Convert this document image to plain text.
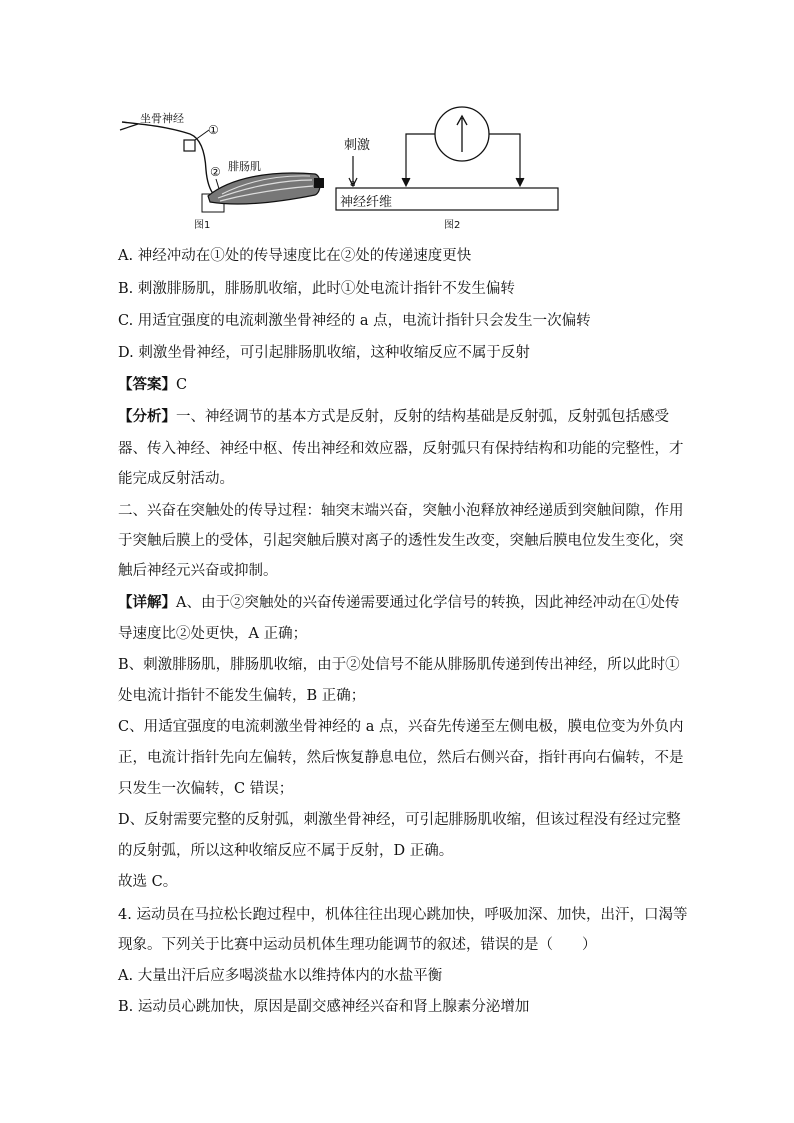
坐骨神经
①
② 腓肠肌
图1
神经纤维
刺激
a
图2
A. 神经冲动在①处的传导速度比在②处的传递速度更快
B. 刺激腓肠肌，腓肠肌收缩，此时①处电流计指针不发生偏转
C. 用适宜强度的电流刺激坐骨神经的 a 点，电流计指针只会发生一次偏转
D. 刺激坐骨神经，可引起腓肠肌收缩，这种收缩反应不属于反射
【答案】C
【分析】一、神经调节的基本方式是反射，反射的结构基础是反射弧，反射弧包括感受
器、传入神经、神经中枢、传出神经和效应器，反射弧只有保持结构和功能的完整性，才
能完成反射活动。
二、兴奋在突触处的传导过程：轴突末端兴奋，突触小泡释放神经递质到突触间隙，作用
于突触后膜上的受体，引起突触后膜对离子的透性发生改变，突触后膜电位发生变化，突
触后神经元兴奋或抑制。
【详解】A、由于②突触处的兴奋传递需要通过化学信号的转换，因此神经冲动在①处传
导速度比②处更快，A 正确；
B、刺激腓肠肌，腓肠肌收缩，由于②处信号不能从腓肠肌传递到传出神经，所以此时①
处电流计指针不能发生偏转，B 正确；
C、用适宜强度的电流刺激坐骨神经的 a 点，兴奋先传递至左侧电极，膜电位变为外负内
正，电流计指针先向左偏转，然后恢复静息电位，然后右侧兴奋，指针再向右偏转，不是
只发生一次偏转，C 错误；
D、反射需要完整的反射弧，刺激坐骨神经，可引起腓肠肌收缩，但该过程没有经过完整
的反射弧，所以这种收缩反应不属于反射，D 正确。
故选 C。
4. 运动员在马拉松长跑过程中，机体往往出现心跳加快，呼吸加深、加快，出汗，口渴等
现象。下列关于比赛中运动员机体生理功能调节的叙述，错误的是（　　）
A. 大量出汗后应多喝淡盐水以维持体内的水盐平衡
B. 运动员心跳加快，原因是副交感神经兴奋和肾上腺素分泌增加
